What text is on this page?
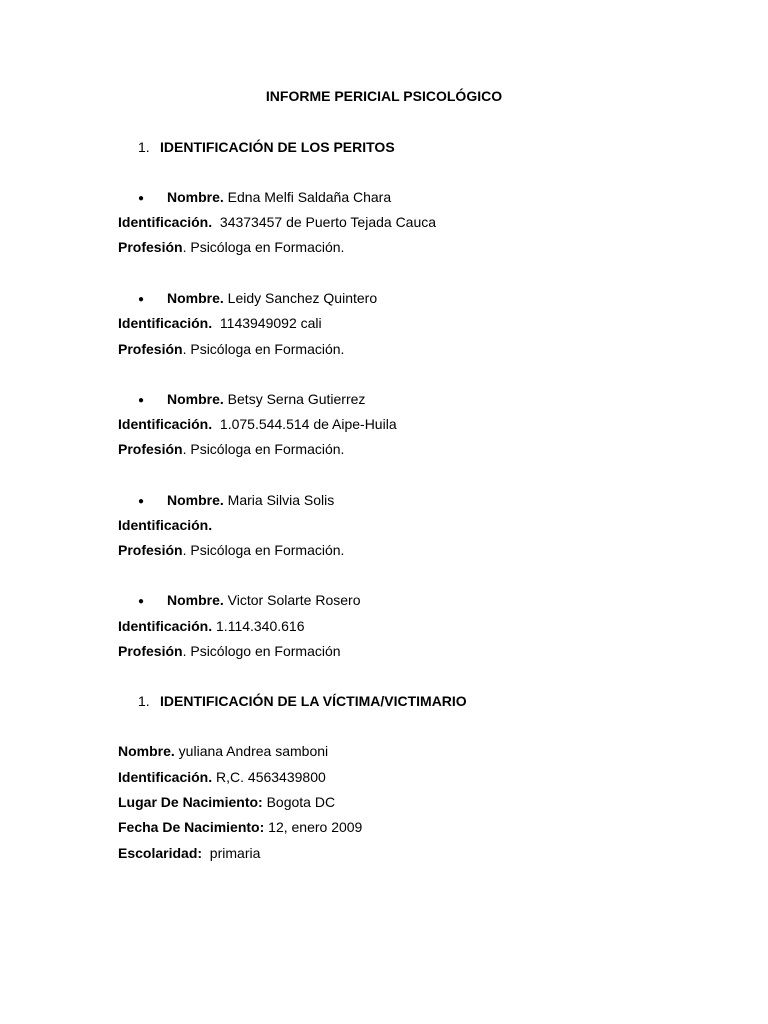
INFORME PERICIAL PSICOLÓGICO
1. IDENTIFICACIÓN DE LOS PERITOS
● Nombre. Edna Melfi Saldaña Chara
Identificación.  34373457 de Puerto Tejada Cauca
Profesión. Psicóloga en Formación.
● Nombre. Leidy Sanchez Quintero
Identificación.  1143949092 cali
Profesión. Psicóloga en Formación.
● Nombre. Betsy Serna Gutierrez
Identificación.  1.075.544.514 de Aipe-Huila
Profesión. Psicóloga en Formación.
● Nombre. Maria Silvia Solis
Identificación.
Profesión. Psicóloga en Formación.
● Nombre. Victor Solarte Rosero
Identificación. 1.114.340.616
Profesión. Psicólogo en Formación
1. IDENTIFICACIÓN DE LA VÍCTIMA/VICTIMARIO
Nombre. yuliana Andrea samboni
Identificación. R,C. 4563439800
Lugar De Nacimiento: Bogota DC
Fecha De Nacimiento: 12, enero 2009
Escolaridad:  primaria
